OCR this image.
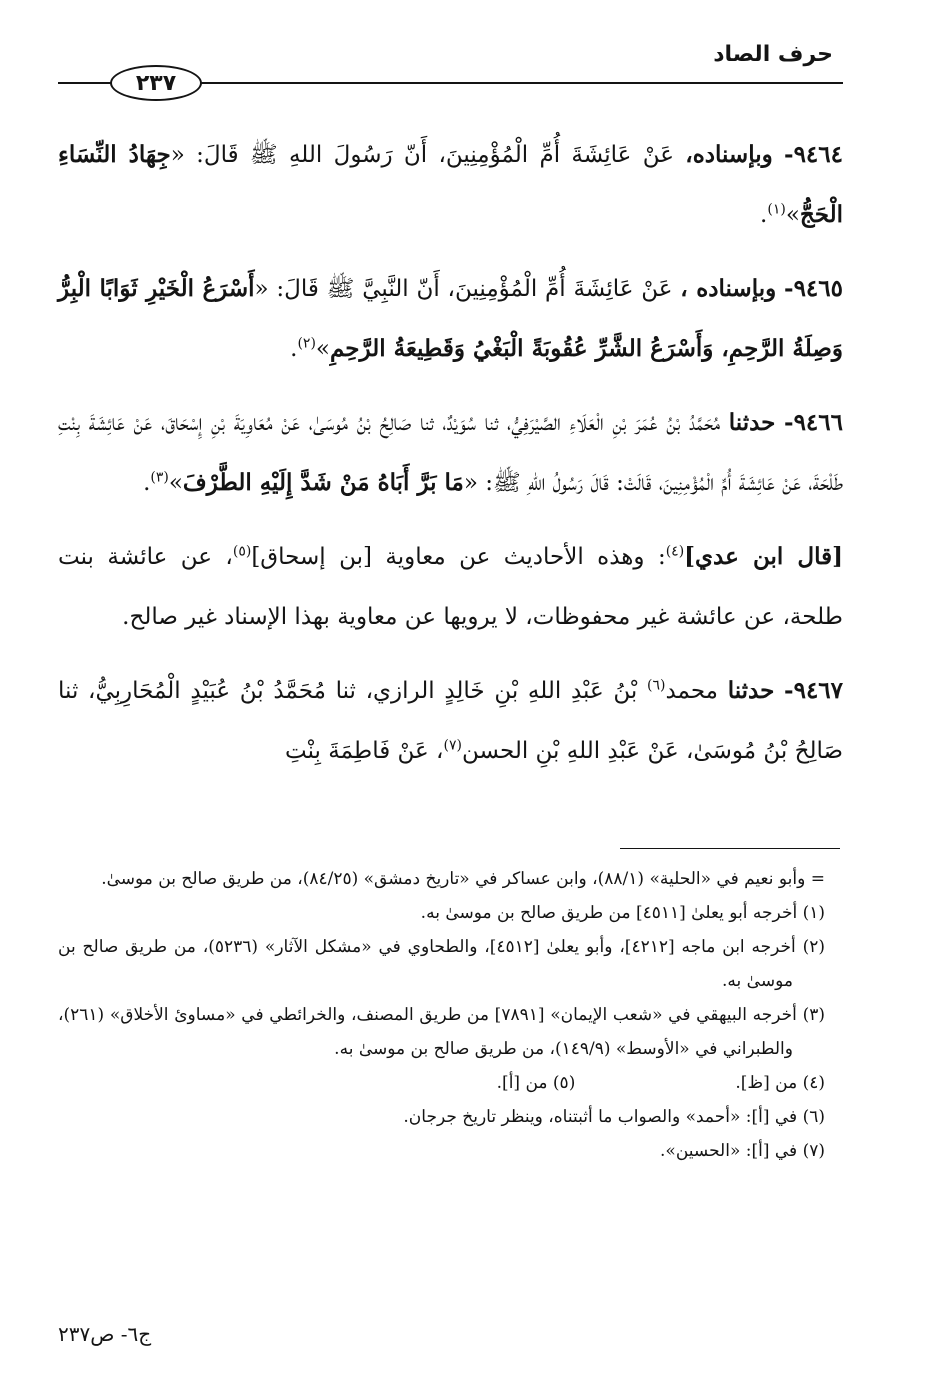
حرف الصاد
٢٣٧

٩٤٦٤- وبإسناده، عَنْ عَائِشَةَ أُمِّ الْمُؤْمِنِينَ، أَنّ رَسُولَ اللهِ ﷺ قَالَ: «جِهَادُ النِّسَاءِ الْحَجُّ»$^{(١)}$.

٩٤٦٥- وبإسناده ، عَنْ عَائِشَةَ أُمِّ الْمُؤْمِنِينَ، أَنّ النَّبِيَّ ﷺ قَالَ: «أَسْرَعُ الْخَيْرِ ثَوَابًا الْبِرُّ وَصِلَةُ الرَّحِمِ، وَأَسْرَعُ الشَّرِّ عُقُوبَةً الْبَغْيُ وَقَطِيعَةُ الرَّحِمِ»$^{(٢)}$.

٩٤٦٦- حدثنا مُحَمَّدُ بْنُ عُمَرَ بْنِ الْعَلَاءِ الصَّيْرَفِيُّ، ثنا سُوَيْدٌ، ثنا صَالِحُ بْنُ مُوسَىٰ، عَنْ مُعَاوِيَةَ بْنِ إِسْحَاقَ، عَنْ عَائِشَةَ بِنْتِ طَلْحَةَ، عَنْ عَائِشَةَ أُمِّ الْمُؤْمِنِينَ، قَالَتْ: قَالَ رَسُولُ اللهِ ﷺ: «مَا بَرَّ أَبَاهُ مَنْ شَدَّ إِلَيْهِ الطَّرْفَ»$^{(٣)}$.

[قال ابن عدي]$^{(٤)}$: وهذه الأحاديث عن معاوية [بن إسحاق]$^{(٥)}$، عن عائشة بنت طلحة، عن عائشة غير محفوظات، لا يرويها عن معاوية بهذا الإسناد غير صالح.

٩٤٦٧- حدثنا محمد$^{(٦)}$ بْنُ عَبْدِ اللهِ بْنِ خَالِدٍ الرازي، ثنا مُحَمَّدُ بْنُ عُبَيْدٍ الْمُحَارِبِيُّ، ثنا صَالِحُ بْنُ مُوسَىٰ، عَنْ عَبْدِ اللهِ بْنِ الحسن$^{(٧)}$، عَنْ فَاطِمَةَ بِنْتِ

= وأبو نعيم في «الحلية» (٨٨/١)، وابن عساكر في «تاريخ دمشق» (٨٤/٢٥)، من طريق صالح بن موسىٰ.

(١) أخرجه أبو يعلىٰ [٤٥١١] من طريق صالح بن موسىٰ به.

(٢) أخرجه ابن ماجه [٤٢١٢]، وأبو يعلىٰ [٤٥١٢]، والطحاوي في «مشكل الآثار» (٥٢٣٦)، من طريق صالح بن موسىٰ به.

(٣) أخرجه البيهقي في «شعب الإيمان» [٧٨٩١] من طريق المصنف، والخرائطي في «مساوئ الأخلاق» (٢٦١)، والطبراني في «الأوسط» (١٤٩/٩)، من طريق صالح بن موسىٰ به.

(٤) من [ظ].
(٥) من [أ].

(٦) في [أ]: «أحمد» والصواب ما أثبتناه، وينظر تاريخ جرجان.

(٧) في [أ]: «الحسين».

ج٦- ص٢٣٧
